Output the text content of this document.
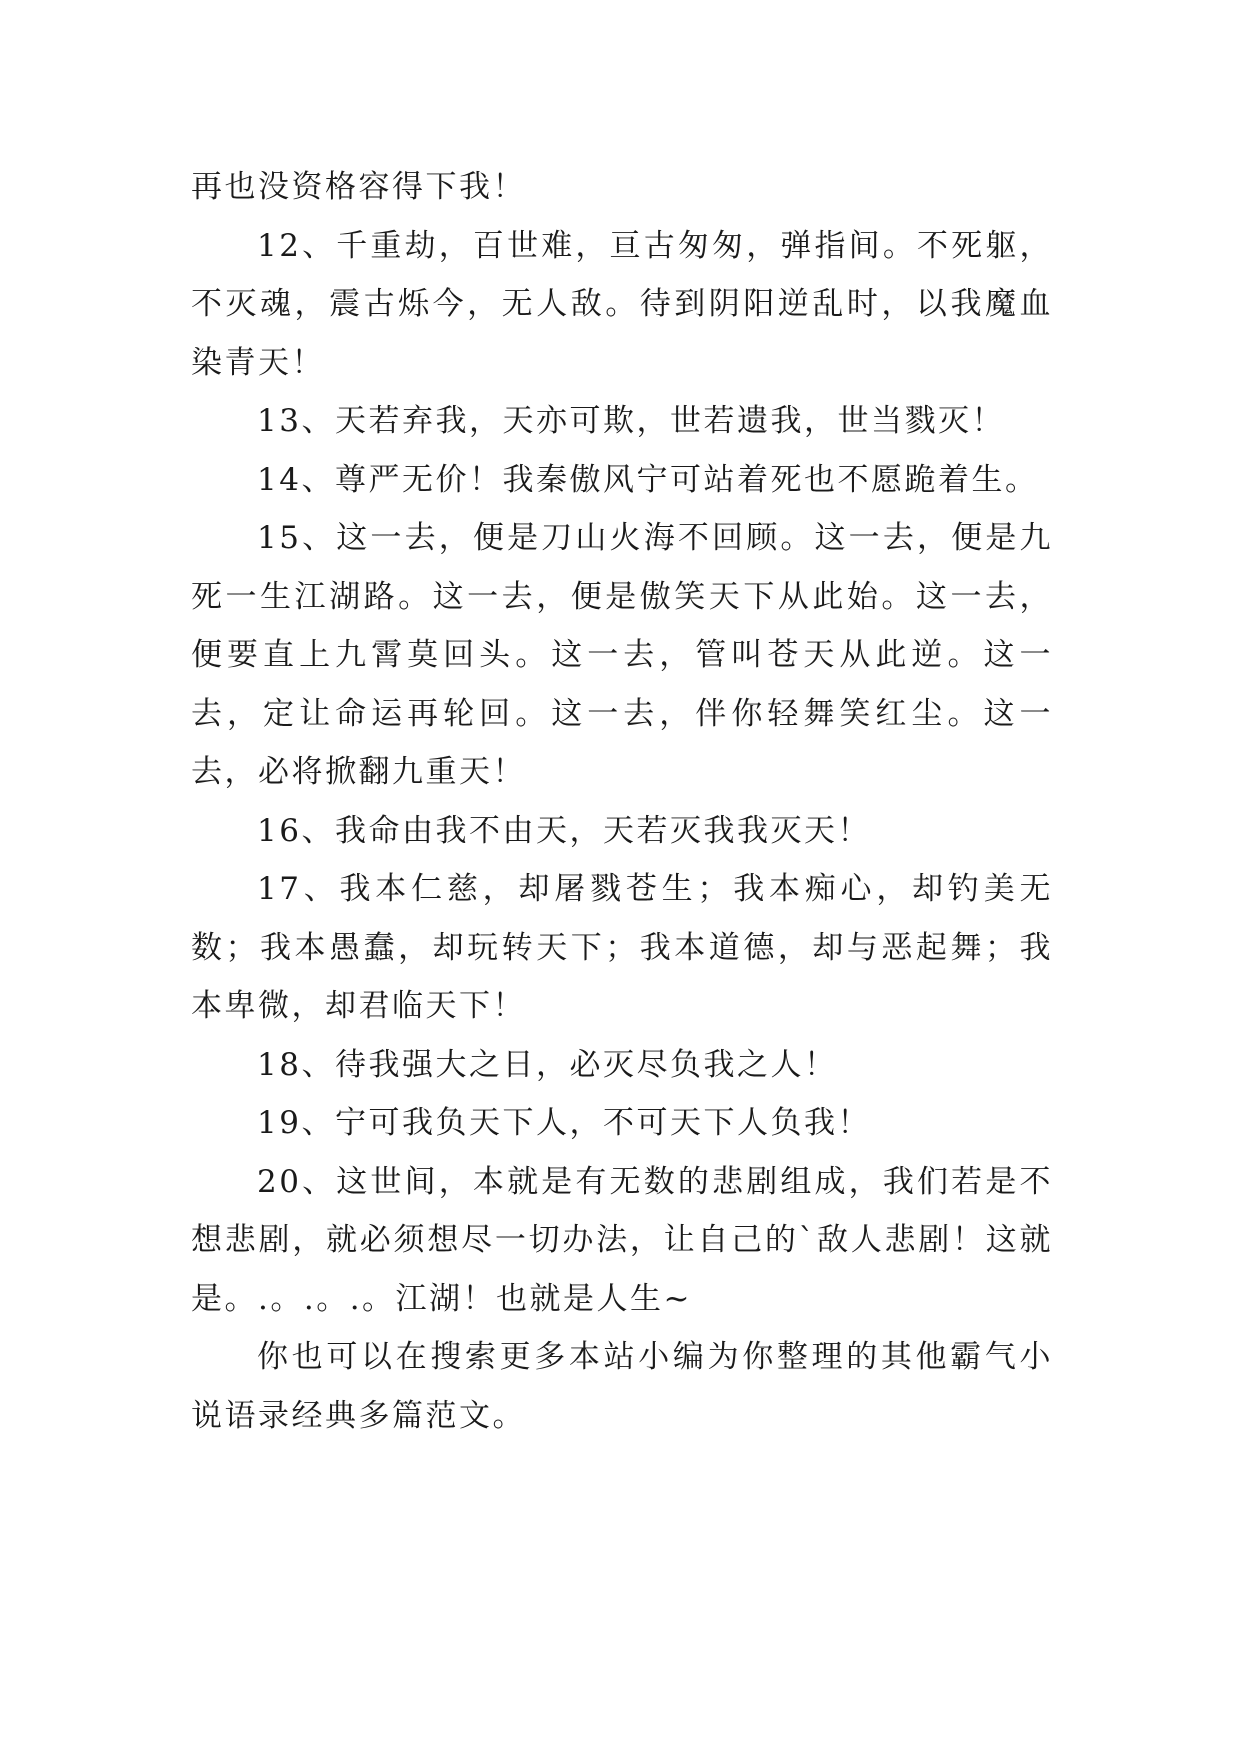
再也没资格容得下我！

12、千重劫，百世难，亘古匆匆，弹指间。不死躯，不灭魂，震古烁今，无人敌。待到阴阳逆乱时，以我魔血染青天！

13、天若弃我，天亦可欺，世若遗我，世当戮灭！

14、尊严无价！我秦傲风宁可站着死也不愿跪着生。

15、这一去，便是刀山火海不回顾。这一去，便是九死一生江湖路。这一去，便是傲笑天下从此始。这一去，便要直上九霄莫回头。这一去，管叫苍天从此逆。这一去，定让命运再轮回。这一去，伴你轻舞笑红尘。这一去，必将掀翻九重天！

16、我命由我不由天，天若灭我我灭天！

17、我本仁慈，却屠戮苍生；我本痴心，却钓美无数；我本愚蠢，却玩转天下；我本道德，却与恶起舞；我本卑微，却君临天下！

18、待我强大之日，必灭尽负我之人！

19、宁可我负天下人，不可天下人负我！

20、这世间，本就是有无数的悲剧组成，我们若是不想悲剧，就必须想尽一切办法，让自己的`敌人悲剧！这就是。.。.。.。江湖！也就是人生~

你也可以在搜索更多本站小编为你整理的其他霸气小说语录经典多篇范文。
